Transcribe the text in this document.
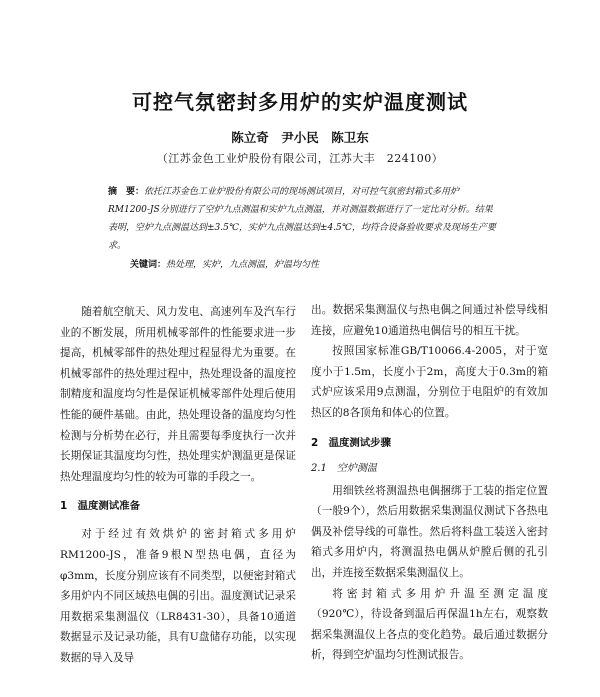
可控气氛密封多用炉的实炉温度测试
陈立奇　尹小民　陈卫东
（江苏金色工业炉股份有限公司，江苏大丰　224100）
摘　要：依托江苏金色工业炉股份有限公司的现场测试项目，对可控气氛密封箱式多用炉RM1200-JS分别进行了空炉九点测温和实炉九点测温，并对测温数据进行了一定比对分析。结果表明，空炉九点测温达到±3.5℃，实炉九点测温达到±4.5℃，均符合设备验收要求及现场生产要求。
关键词：热处理，实炉，九点测温，炉温均匀性

随着航空航天、风力发电、高速列车及汽车行业的不断发展，所用机械零部件的性能要求进一步提高，机械零部件的热处理过程显得尤为重要。在机械零部件的热处理过程中，热处理设备的温度控制精度和温度均匀性是保证机械零部件处理后使用性能的硬件基础。由此，热处理设备的温度均匀性检测与分析势在必行，并且需要每季度执行一次并长期保证其温度均匀性，热处理实炉测温更是保证热处理温度均匀性的较为可靠的手段之一。

1　温度测试准备

对于经过有效烘炉的密封箱式多用炉RM1200-JS，准备9根N型热电偶，直径为φ3mm，长度分别应该有不同类型，以便密封箱式多用炉内不同区域热电偶的引出。温度测试记录采用数据采集测温仪（LR8431-30），具备10通道数据显示及记录功能，具有U盘储存功能，以实现数据的导入及导

出。数据采集测温仪与热电偶之间通过补偿导线相连接，应避免10通道热电偶信号的相互干扰。

按照国家标准GB/T10066.4-2005，对于宽度小于1.5m，长度小于2m，高度大于0.3m的箱式炉应该采用9点测温，分别位于电阻炉的有效加热区的8各顶角和体心的位置。

2　温度测试步骤
2.1　空炉测温

用细铁丝将测温热电偶捆绑于工装的指定位置（一般9个），然后用数据采集测温仪测试下各热电偶及补偿导线的可靠性。然后将料盘工装送入密封箱式多用炉内，将测温热电偶从炉膛后侧的孔引出，并连接至数据采集测温仪上。

将密封箱式多用炉升温至测定温度（920℃），待设备到温后再保温1h左右，观察数据采集测温仪上各点的变化趋势。最后通过数据分析，得到空炉温均匀性测试报告。
